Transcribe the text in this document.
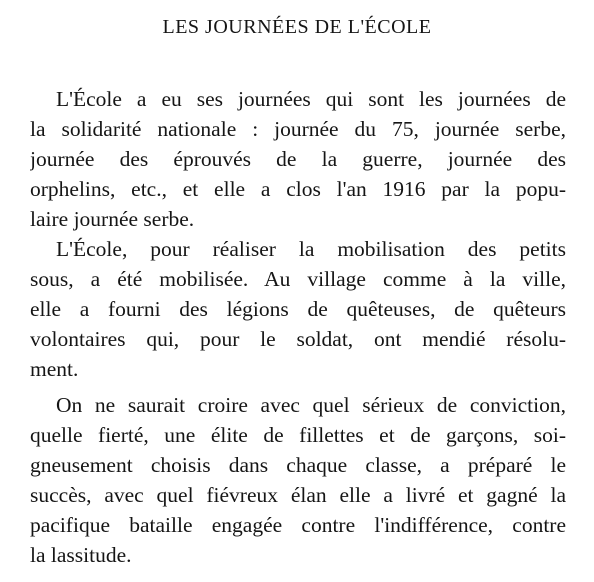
LES JOURNÉES DE L'ÉCOLE
L'École a eu ses journées qui sont les journées de
la solidarité nationale : journée du 75, journée serbe,
journée des éprouvés de la guerre, journée des
orphelins, etc., et elle a clos l'an 1916 par la popu-
laire journée serbe.
L'École, pour réaliser la mobilisation des petits
sous, a été mobilisée. Au village comme à la ville,
elle a fourni des légions de quêteuses, de quêteurs
volontaires qui, pour le soldat, ont mendié résolu-
ment.
On ne saurait croire avec quel sérieux de conviction,
quelle fierté, une élite de fillettes et de garçons, soi-
gneusement choisis dans chaque classe, a préparé le
succès, avec quel fiévreux élan elle a livré et gagné la
pacifique bataille engagée contre l'indifférence, contre
la lassitude.
